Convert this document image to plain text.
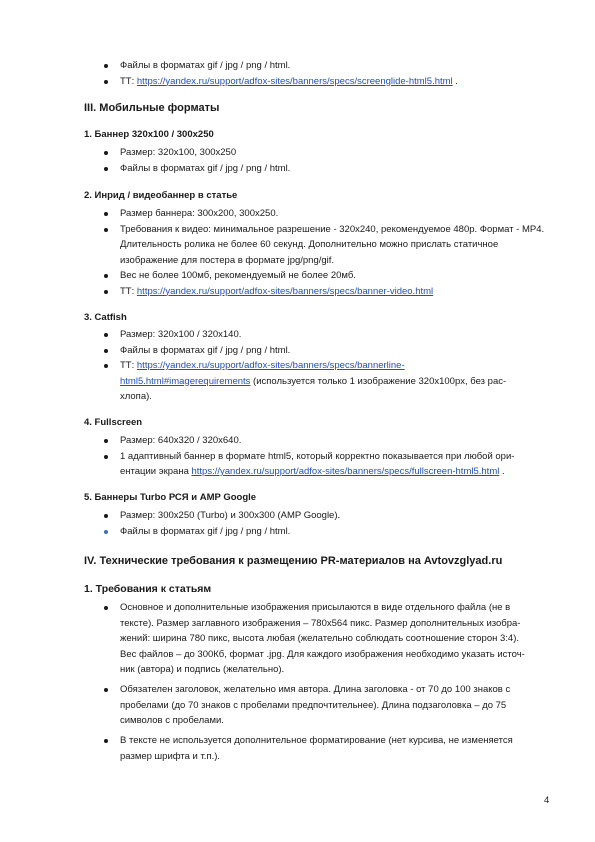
Файлы в форматах gif / jpg / png / html.
ТТ: https://yandex.ru/support/adfox-sites/banners/specs/screenglide-html5.html .
III. Мобильные форматы
1. Баннер 320х100 / 300х250
Размер: 320х100, 300х250
Файлы в форматах gif / jpg / png / html.
2. Инрид / видеобаннер в статье
Размер баннера: 300х200, 300х250.
Требования к видео: минимальное разрешение - 320х240, рекомендуемое 480p. Формат - MP4. Длительность ролика не более 60 секунд. Дополнительно можно прислать статичное изображение для постера в формате jpg/png/gif.
Вес не более 100мб, рекомендуемый не более 20мб.
ТТ: https://yandex.ru/support/adfox-sites/banners/specs/banner-video.html
3. Catfish
Размер: 320x100 / 320x140.
Файлы в форматах gif / jpg / png / html.
ТТ: https://yandex.ru/support/adfox-sites/banners/specs/bannerline-
html5.html#imagerequirements (используется только 1 изображение 320x100px, без рас-
хлопа).
4. Fullscreen
Размер: 640x320 / 320x640.
1 адаптивный баннер в формате html5, который корректно показывается при любой ори-
ентации экрана https://yandex.ru/support/adfox-sites/banners/specs/fullscreen-html5.html .
5. Баннеры Turbo РСЯ и AMP Google
Размер: 300х250 (Turbo) и 300х300 (AMP Google).
Файлы в форматах gif / jpg / png / html.
IV. Технические требования к размещению PR-материалов на Avtovzglyad.ru
1. Требования к статьям
Основное и дополнительные изображения присылаются в виде отдельного файла (не в
тексте). Размер заглавного изображения – 780х564 пикс. Размер дополнительных изобра-
жений: ширина 780 пикс, высота любая (желательно соблюдать соотношение сторон 3:4).
Вес файлов – до 300Кб, формат .jpg. Для каждого изображения необходимо указать источ-
ник (автора) и подпись (желательно).
Обязателен заголовок, желательно имя автора. Длина заголовка - от 70 до 100 знаков с
пробелами (до 70 знаков с пробелами предпочтительнее). Длина подзаголовка – до 75
символов с пробелами.
В тексте не используется дополнительное форматирование (нет курсива, не изменяется
размер шрифта и т.п.).
4
